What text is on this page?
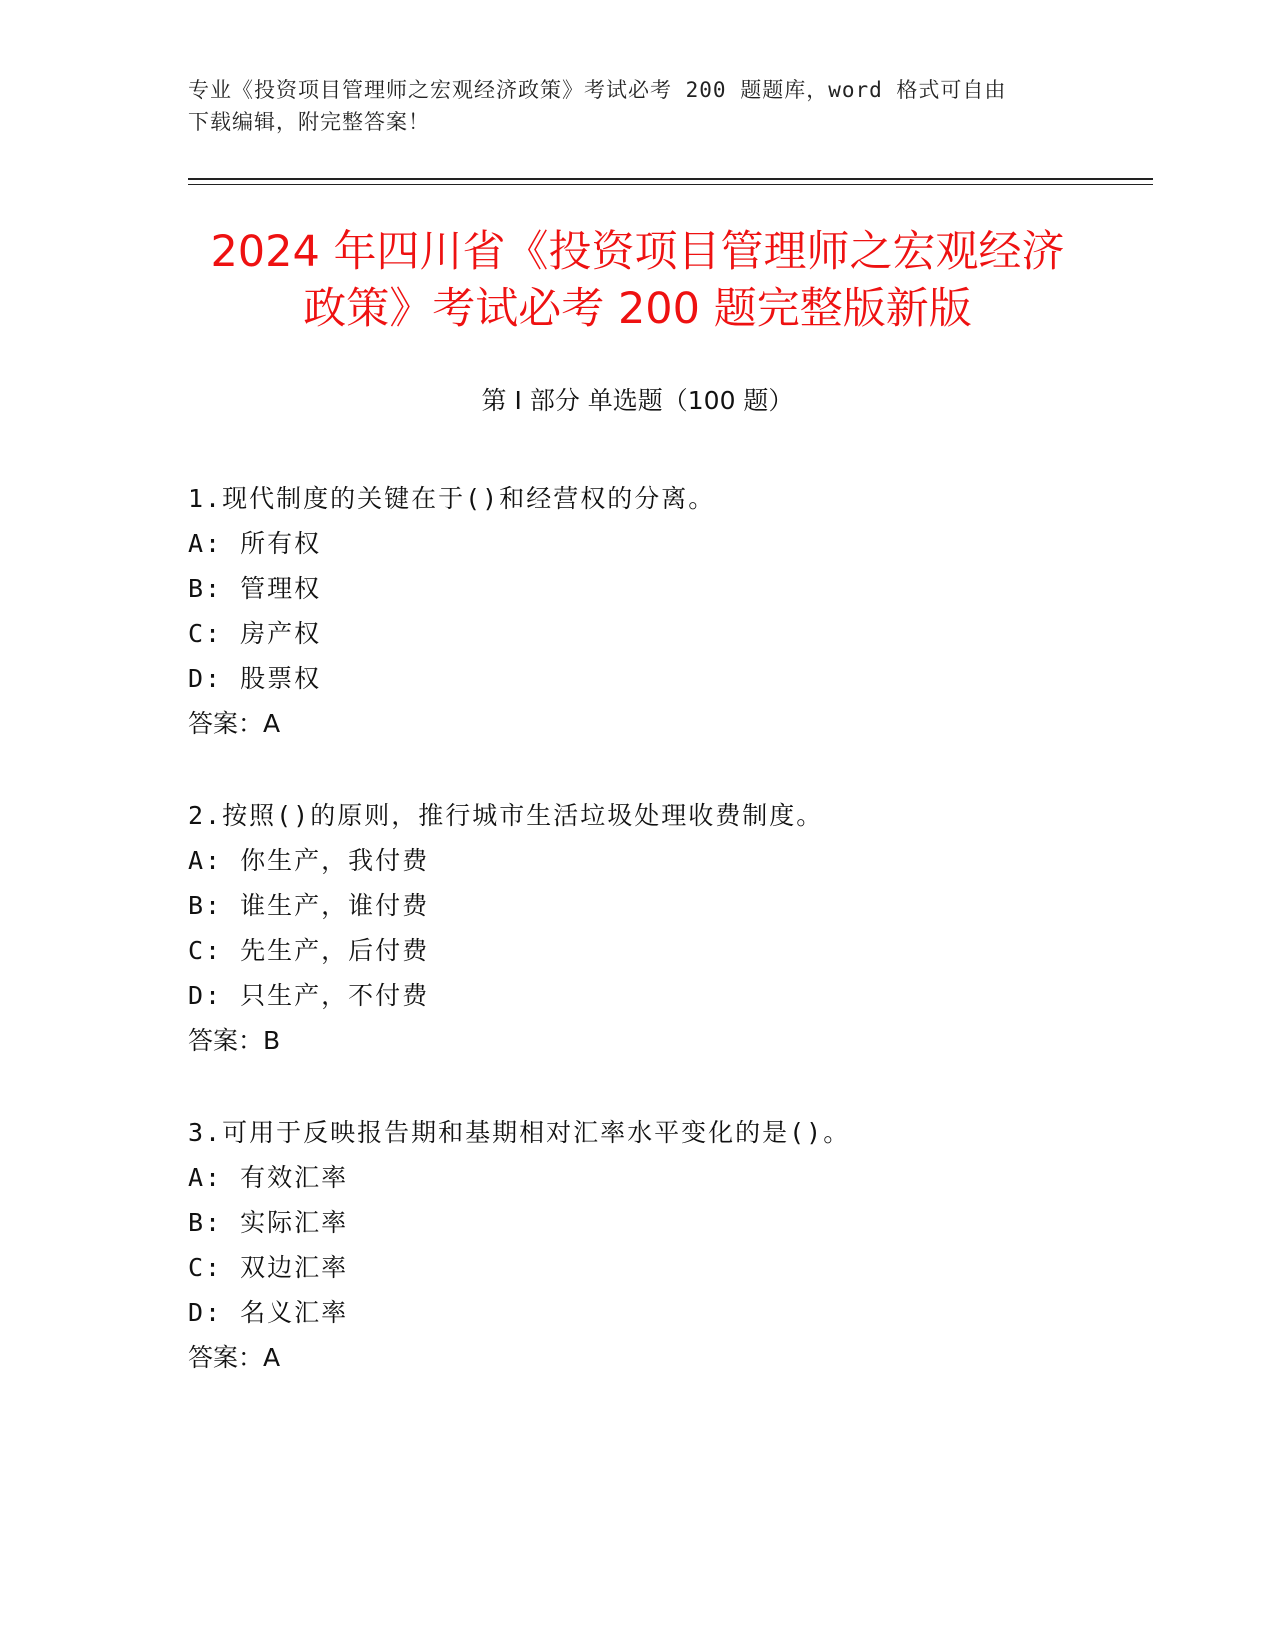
专业《投资项目管理师之宏观经济政策》考试必考 200 题题库，word 格式可自由
下载编辑，附完整答案！
2024 年四川省《投资项目管理师之宏观经济
政策》考试必考 200 题完整版新版
第 I 部分 单选题（100 题）
1.现代制度的关键在于()和经营权的分离。
A: 所有权
B: 管理权
C: 房产权
D: 股票权
答案：A
2.按照()的原则，推行城市生活垃圾处理收费制度。
A: 你生产，我付费
B: 谁生产，谁付费
C: 先生产，后付费
D: 只生产，不付费
答案：B
3.可用于反映报告期和基期相对汇率水平变化的是()。
A: 有效汇率
B: 实际汇率
C: 双边汇率
D: 名义汇率
答案：A
